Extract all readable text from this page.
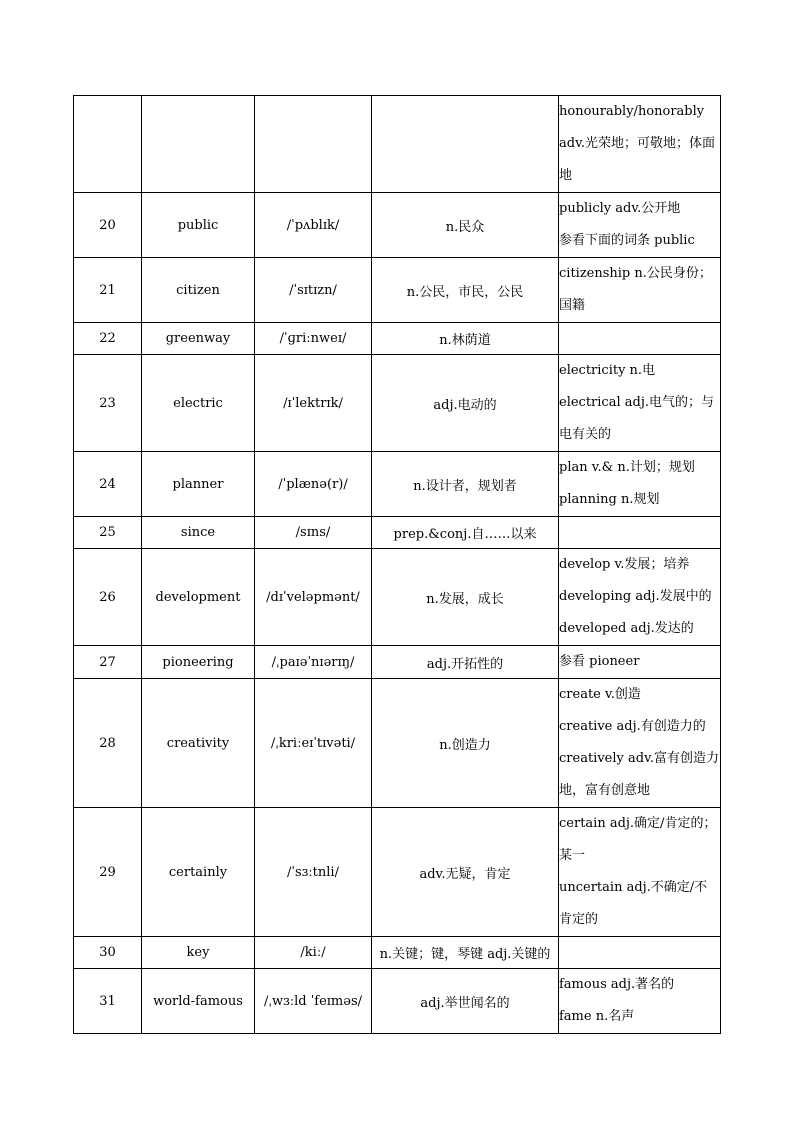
				honourably/honorably
adv.光荣地；可敬地；体面地

20	public	/ˈpʌblɪk/	n.民众	publicly adv.公开地
参看下面的词条 public

21	citizen	/ˈsɪtɪzn/	n.公民，市民，公民	citizenship n.公民身份；国籍

22	greenway	/ˈɡriːnweɪ/	n.林荫道	
23	electric	/ɪˈlektrɪk/	adj.电动的	electricity n.电
electrical adj.电气的；与电有关的

24	planner	/ˈplænə(r)/	n.设计者，规划者	plan v.& n.计划；规划
planning n.规划

25	since	/sɪns/	prep.&conj.自……以来	
26	development	/dɪˈveləpmənt/	n.发展，成长	develop v.发展；培养
developing adj.发展中的
developed adj.发达的

27	pioneering	/ˌpaɪəˈnɪərɪŋ/	adj.开拓性的	参看 pioneer

28	creativity	/ˌkriːeɪˈtɪvəti/	n.创造力	create v.创造
creative adj.有创造力的
creatively adv.富有创造力地，富有创意地

29	certainly	/ˈsɜːtnli/	adv.无疑，肯定	certain adj.确定/肯定的；某一
uncertain adj.不确定/不肯定的

30	key	/kiː/	n.关键；键，琴键 adj.关键的	
31	world-famous	/ˌwɜːld ˈfeɪməs/	adj.举世闻名的	famous adj.著名的
fame n.名声
